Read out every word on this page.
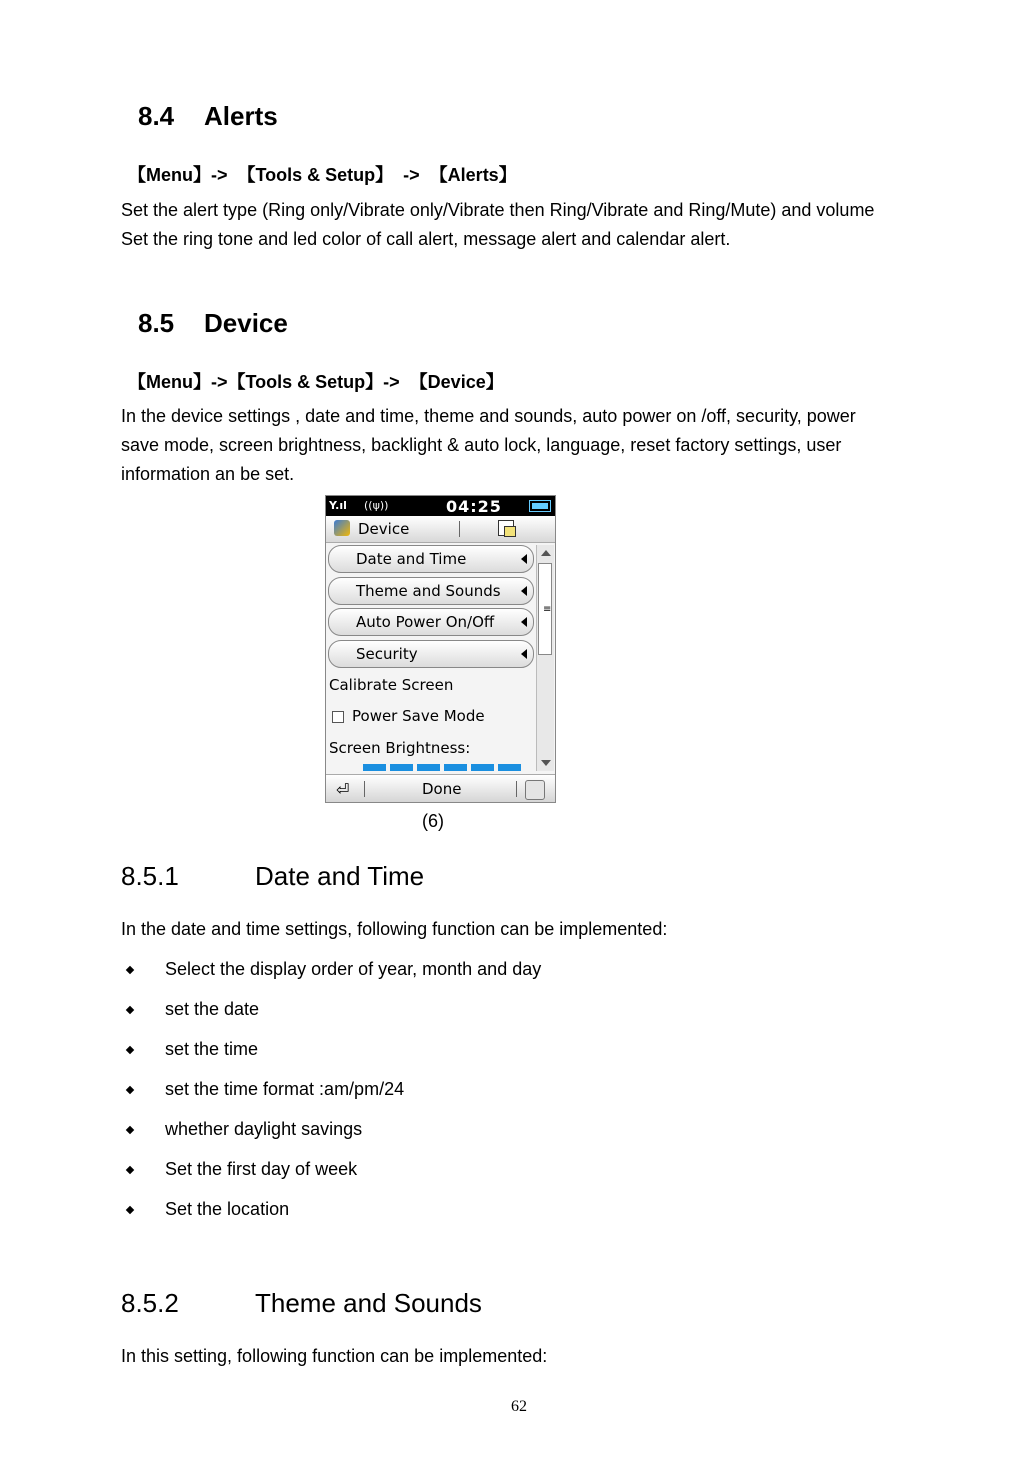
8.4 Alerts
【Menu】->  【Tools & Setup】  ->  【Alerts】

Set the alert type (Ring only/Vibrate only/Vibrate then Ring/Vibrate and Ring/Mute) and volume

Set the ring tone and led color of call alert, message alert and calendar alert.

8.5 Device
【Menu】->【Tools & Setup】->  【Device】
In the device settings , date and time, theme and sounds, auto power on /off, security, power save mode, screen brightness, backlight & auto lock, language, reset factory settings, user information an be set.
Y.ıl ((ψ))	04:25
Device
Date and Time
Theme and Sounds
Auto Power On/Off
Security
Calibrate Screen
Power Save Mode
Screen Brightness:
≡
⏎	Done
(6)
8.5.1	Date and Time
In the date and time settings, following function can be implemented:
Select the display order of year, month and day
set the date
set the time
set the time format :am/pm/24
whether daylight savings
Set the first day of week
Set the location
8.5.2	Theme and Sounds
In this setting, following function can be implemented:
62
